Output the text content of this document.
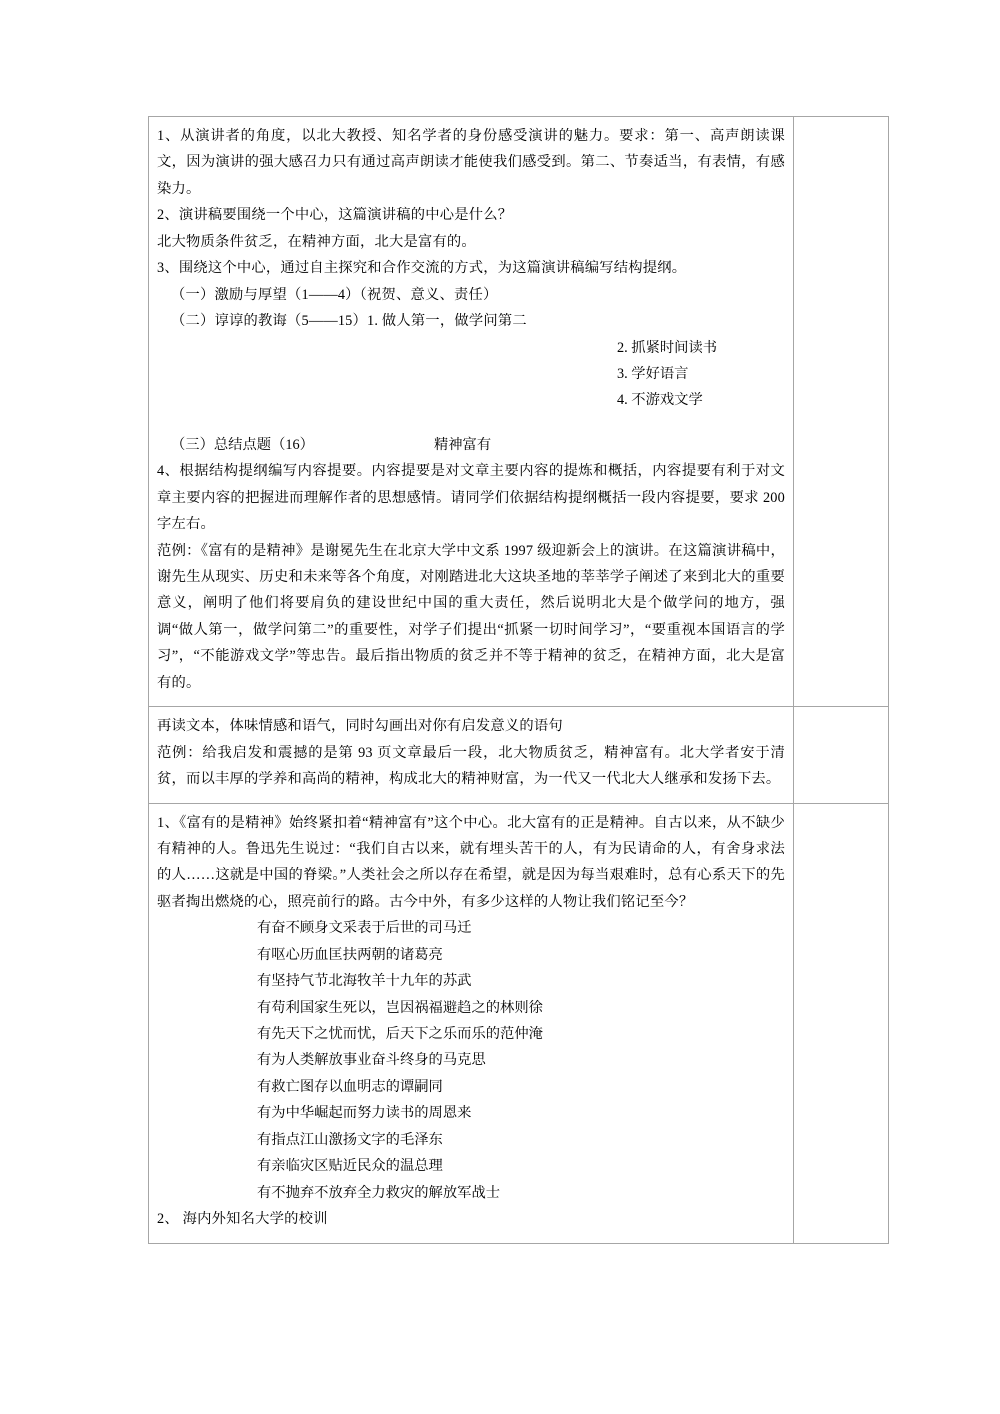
1、从演讲者的角度，以北大教授、知名学者的身份感受演讲的魅力。要求：第一、高声朗读课文，因为演讲的强大感召力只有通过高声朗读才能使我们感受到。第二、节奏适当，有表情，有感染力。

2、演讲稿要围绕一个中心，这篇演讲稿的中心是什么？

北大物质条件贫乏，在精神方面，北大是富有的。

3、围绕这个中心，通过自主探究和合作交流的方式，为这篇演讲稿编写结构提纲。

（一）激励与厚望（1——4）（祝贺、意义、责任）

（二）谆谆的教诲（5——15）1. 做人第一，做学问第二

2. 抓紧时间读书

3. 学好语言

4. 不游戏文学

（三）总结点题（16）	精神富有

4、根据结构提纲编写内容提要。内容提要是对文章主要内容的提炼和概括，内容提要有利于对文章主要内容的把握进而理解作者的思想感情。请同学们依据结构提纲概括一段内容提要，要求 200 字左右。

范例：《富有的是精神》是谢冕先生在北京大学中文系 1997 级迎新会上的演讲。在这篇演讲稿中，谢先生从现实、历史和未来等各个角度，对刚踏进北大这块圣地的莘莘学子阐述了来到北大的重要意义，阐明了他们将要肩负的建设世纪中国的重大责任，然后说明北大是个做学问的地方，强调“做人第一，做学问第二”的重要性，对学子们提出“抓紧一切时间学习”，“要重视本国语言的学习”，“不能游戏文学”等忠告。最后指出物质的贫乏并不等于精神的贫乏，在精神方面，北大是富有的。

再读文本，体味情感和语气，同时勾画出对你有启发意义的语句

范例：给我启发和震撼的是第 93 页文章最后一段，北大物质贫乏，精神富有。北大学者安于清贫，而以丰厚的学养和高尚的精神，构成北大的精神财富，为一代又一代北大人继承和发扬下去。	

1、《富有的是精神》始终紧扣着“精神富有”这个中心。北大富有的正是精神。自古以来，从不缺少有精神的人。鲁迅先生说过：“我们自古以来，就有埋头苦干的人，有为民请命的人，有舍身求法的人……这就是中国的脊梁。”人类社会之所以存在希望，就是因为每当艰难时，总有心系天下的先驱者掏出燃烧的心，照亮前行的路。古今中外，有多少这样的人物让我们铭记至今？

有奋不顾身文采表于后世的司马迁
有呕心历血匡扶两朝的诸葛亮
有坚持气节北海牧羊十九年的苏武
有苟利国家生死以，岂因祸福避趋之的林则徐
有先天下之忧而忧，后天下之乐而乐的范仲淹
有为人类解放事业奋斗终身的马克思
有救亡图存以血明志的谭嗣同
有为中华崛起而努力读书的周恩来
有指点江山激扬文字的毛泽东
有亲临灾区贴近民众的温总理
有不抛弃不放弃全力救灾的解放军战士

2、 海内外知名大学的校训
